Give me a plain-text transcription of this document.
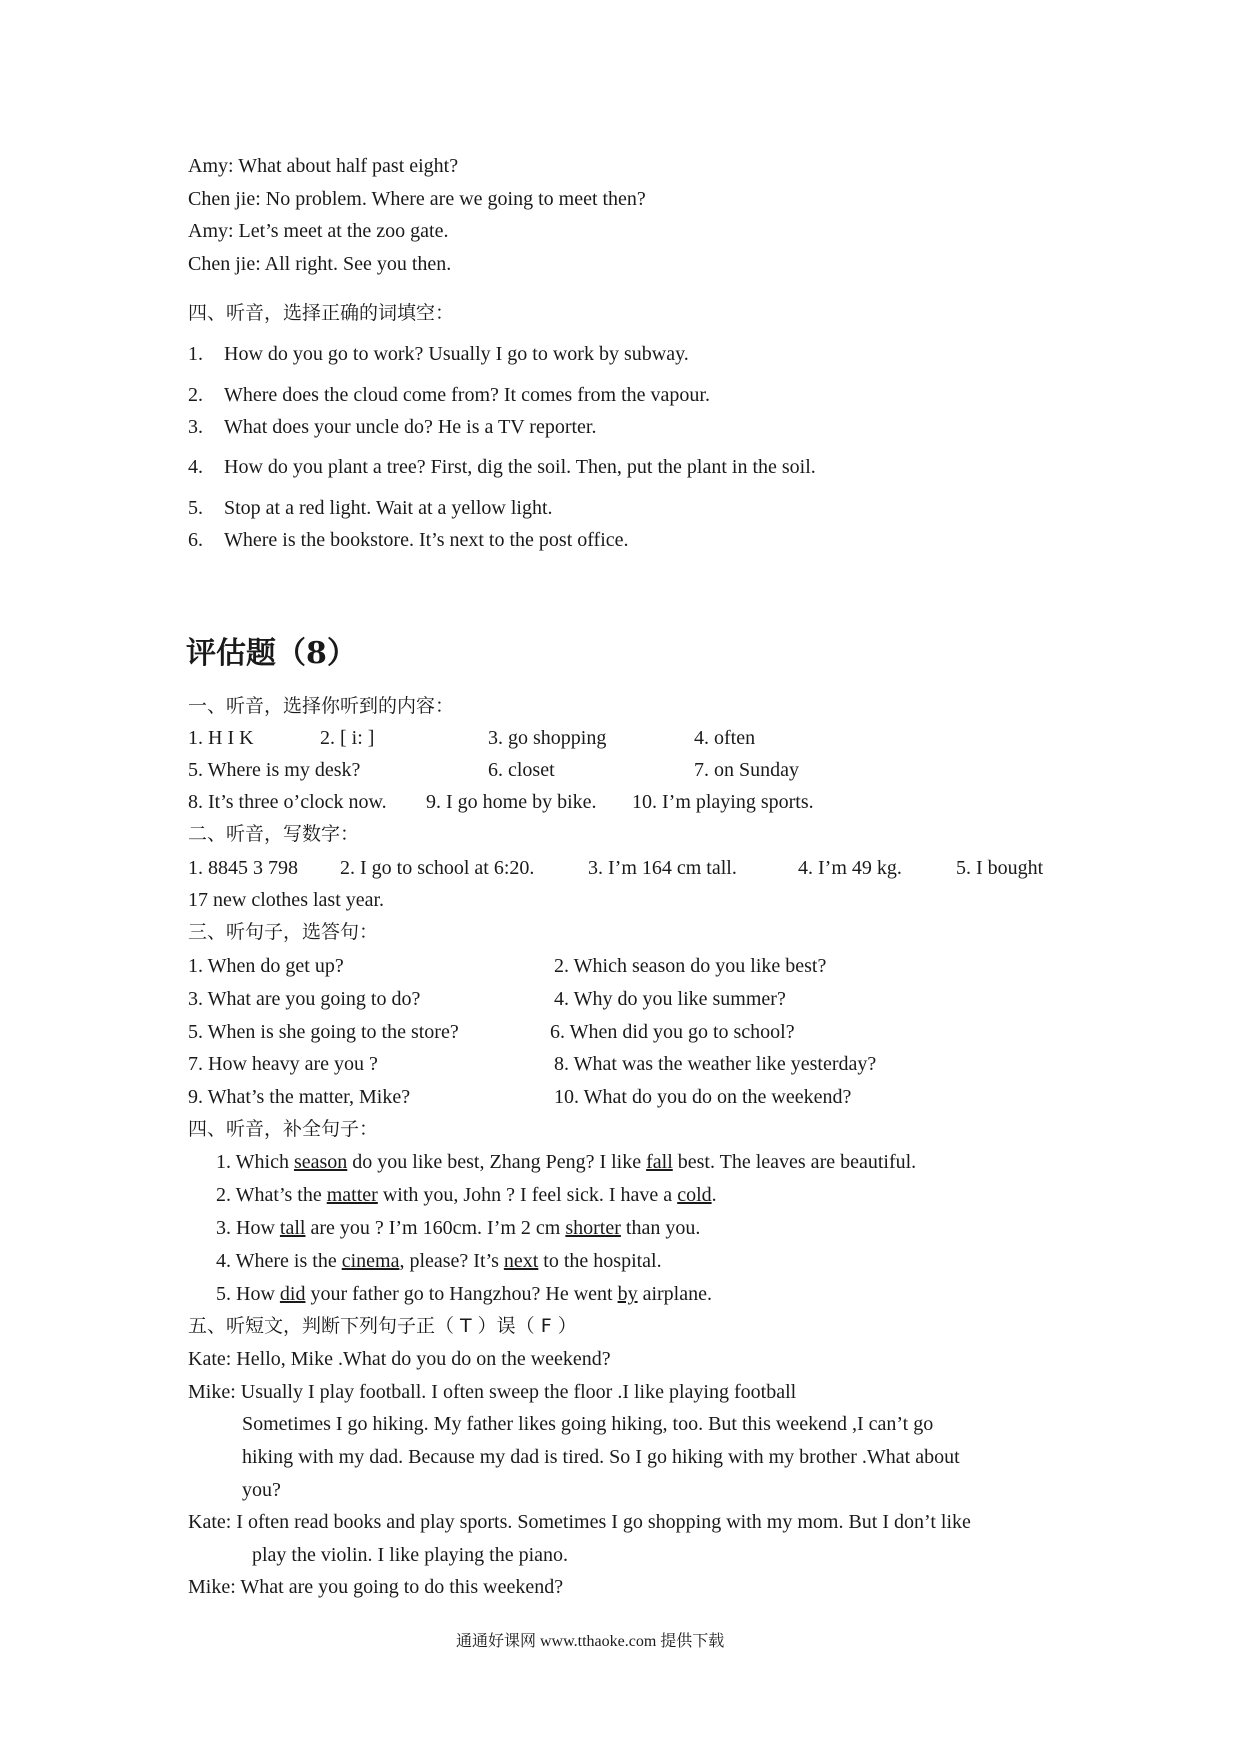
Amy: What about half past eight?
Chen jie: No problem. Where are we going to meet then?
Amy: Let’s meet at the zoo gate.
Chen jie: All right. See you then.
四、听音，选择正确的词填空：
1. How do you go to work? Usually I go to work by subway.
2. Where does the cloud come from? It comes from the vapour.
3. What does your uncle do? He is a TV reporter.
4. How do you plant a tree? First, dig the soil. Then, put the plant in the soil.
5. Stop at a red light. Wait at a yellow light.
6. Where is the bookstore. It’s next to the post office.
评估题（8）
一、听音，选择你听到的内容：
1. H I K	2. [ i: ]	3. go shopping	4. often
5. Where is my desk?	6. closet	7. on Sunday
8. It’s three o’clock now. 9. I go home by bike. 10. I’m playing sports.
二、听音，写数字：
1. 8845 3 798 2. I go to school at 6:20.	3. I’m 164 cm tall.	4. I’m 49 kg.	5. I bought
17 new clothes last year.
三、听句子，选答句：
1. When do get up?	2. Which season do you like best?
3. What are you going to do?	4. Why do you like summer?
5. When is she going to the store?	6. When did you go to school?
7. How heavy are you ?	8. What was the weather like yesterday?
9. What’s the matter, Mike?	10. What do you do on the weekend?
四、听音，补全句子：
1. Which season do you like best, Zhang Peng? I like fall best. The leaves are beautiful.
2. What’s the matter with you, John ? I feel sick. I have a cold.
3. How tall are you ? I’m 160cm. I’m 2 cm shorter than you.
4. Where is the cinema, please? It’s next to the hospital.
5. How did your father go to Hangzhou? He went by airplane.
五、听短文，判断下列句子正（ T ）误（ F ）
Kate: Hello, Mike .What do you do on the weekend?
Mike: Usually I play football. I often sweep the floor .I like playing football
Sometimes I go hiking. My father likes going hiking, too. But this weekend ,I can’t go
hiking with my dad. Because my dad is tired. So I go hiking with my brother .What about
you?
Kate: I often read books and play sports. Sometimes I go shopping with my mom. But I don’t like
play the violin. I like playing the piano.
Mike: What are you going to do this weekend?
通通好课网 www.tthaoke.com 提供下载
